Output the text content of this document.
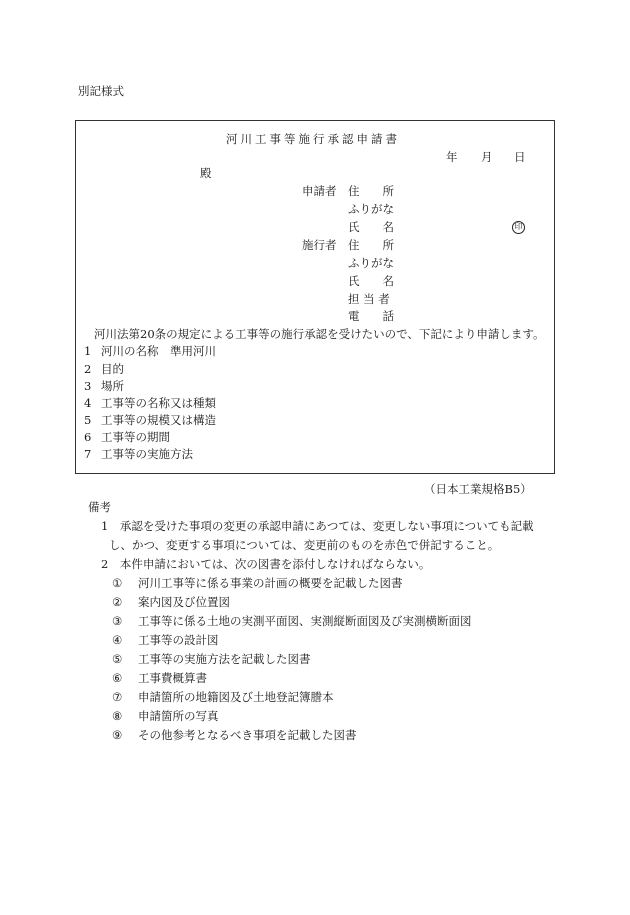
別記様式
河川工事等施行承認申請書
年 月 日
殿
申請者 住　　所
ふりがな
氏　　名	印
施行者 住　　所
ふりがな
氏　　名
担 当 者
電　　話
河川法第20条の規定による工事等の施行承認を受けたいので、下記により申請します。
1 河川の名称　準用河川
2 目的
3 場所
4 工事等の名称又は種類
5 工事等の規模又は構造
6 工事等の期間
7 工事等の実施方法
（日本工業規格B5）
備考
1　承認を受けた事項の変更の承認申請にあつては、変更しない事項についても記載
し、かつ、変更する事項については、変更前のものを赤色で併記すること。
2　本件申請においては、次の図書を添付しなければならない。
① 河川工事等に係る事業の計画の概要を記載した図書
② 案内図及び位置図
③ 工事等に係る土地の実測平面図、実測縦断面図及び実測横断面図
④ 工事等の設計図
⑤ 工事等の実施方法を記載した図書
⑥ 工事費概算書
⑦ 申請箇所の地籍図及び土地登記簿謄本
⑧ 申請箇所の写真
⑨ その他参考となるべき事項を記載した図書
